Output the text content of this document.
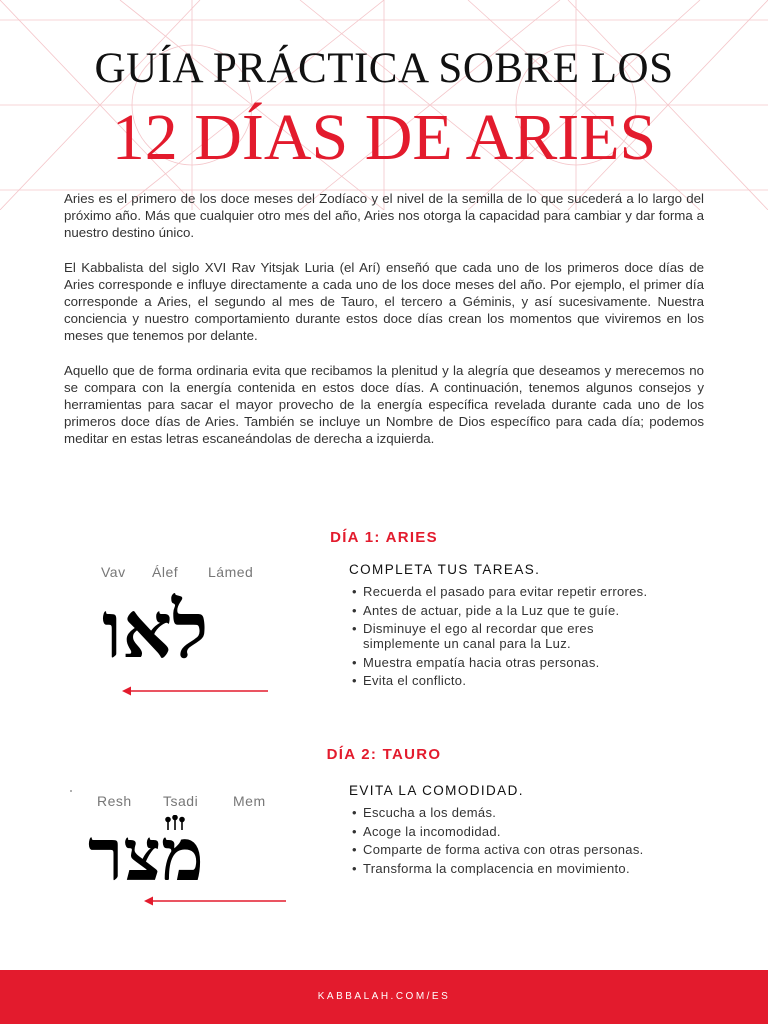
GUÍA PRÁCTICA SOBRE LOS
12 DÍAS DE ARIES

Aries es el primero de los doce meses del Zodíaco y el nivel de la semilla de lo que sucederá a lo largo del próximo año. Más que cualquier otro mes del año, Aries nos otorga la capacidad para cambiar y dar forma a nuestro destino único.

El Kabbalista del siglo XVI Rav Yitsjak Luria (el Arí) enseñó que cada uno de los primeros doce días de Aries corresponde e influye directamente a cada uno de los doce meses del año. Por ejemplo, el primer día corresponde a Aries, el segundo al mes de Tauro, el tercero a Géminis, y así sucesivamente. Nuestra conciencia y nuestro comportamiento durante estos doce días crean los momentos que viviremos en los meses que tenemos por delante.

Aquello que de forma ordinaria evita que recibamos la plenitud y la alegría que deseamos y merecemos no se compara con la energía contenida en estos doce días. A continuación, tenemos algunos consejos y herramientas para sacar el mayor provecho de la energía específica revelada durante cada uno de los primeros doce días de Aries. También se incluye un Nombre de Dios específico para cada día; podemos meditar en estas letras escaneándolas de derecha a izquierda.

DÍA 1: ARIES
Vav Álef Lámed
לאו
COMPLETA TUS TAREAS.
• Recuerda el pasado para evitar repetir errores.
• Antes de actuar, pide a la Luz que te guíe.
• Disminuye el ego al recordar que eres simplemente un canal para la Luz.
• Muestra empatía hacia otras personas.
• Evita el conflicto.
DÍA 2: TAURO
Resh Tsadi Mem
מצר
EVITA LA COMODIDAD.
• Escucha a los demás.
• Acoge la incomodidad.
• Comparte de forma activa con otras personas.
• Transforma la complacencia en movimiento.
KABBALAH.COM/ES
